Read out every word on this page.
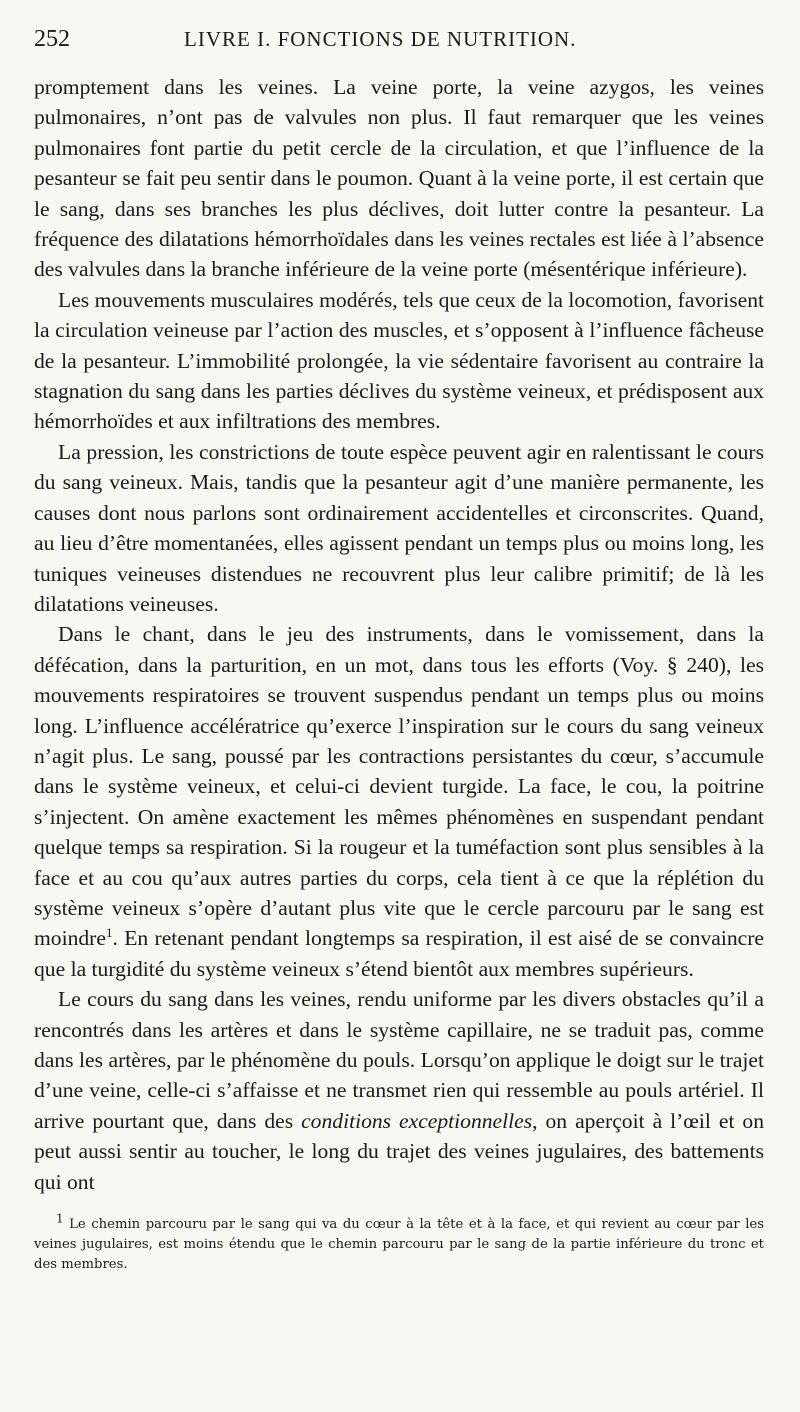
252	LIVRE I. FONCTIONS DE NUTRITION.

promptement dans les veines. La veine porte, la veine azygos, les veines pulmonaires, n’ont pas de valvules non plus. Il faut remarquer que les veines pulmonaires font partie du petit cercle de la circulation, et que l’influence de la pesanteur se fait peu sentir dans le poumon. Quant à la veine porte, il est certain que le sang, dans ses branches les plus déclives, doit lutter contre la pesanteur. La fréquence des dilatations hémorrhoïdales dans les veines rectales est liée à l’absence des valvules dans la branche inférieure de la veine porte (mésentérique inférieure).

Les mouvements musculaires modérés, tels que ceux de la locomotion, favorisent la circulation veineuse par l’action des muscles, et s’opposent à l’influence fâcheuse de la pesanteur. L’immobilité prolongée, la vie sédentaire favorisent au contraire la stagnation du sang dans les parties déclives du système veineux, et prédisposent aux hémorrhoïdes et aux infiltrations des membres.

La pression, les constrictions de toute espèce peuvent agir en ralentissant le cours du sang veineux. Mais, tandis que la pesanteur agit d’une manière permanente, les causes dont nous parlons sont ordinairement accidentelles et circonscrites. Quand, au lieu d’être momentanées, elles agissent pendant un temps plus ou moins long, les tuniques veineuses distendues ne recouvrent plus leur calibre primitif; de là les dilatations veineuses.

Dans le chant, dans le jeu des instruments, dans le vomissement, dans la défécation, dans la parturition, en un mot, dans tous les efforts (Voy. § 240), les mouvements respiratoires se trouvent suspendus pendant un temps plus ou moins long. L’influence accélératrice qu’exerce l’inspiration sur le cours du sang veineux n’agit plus. Le sang, poussé par les contractions persistantes du cœur, s’accumule dans le système veineux, et celui-ci devient turgide. La face, le cou, la poitrine s’injectent. On amène exactement les mêmes phénomènes en suspendant pendant quelque temps sa respiration. Si la rougeur et la tuméfaction sont plus sensibles à la face et au cou qu’aux autres parties du corps, cela tient à ce que la réplétion du système veineux s’opère d’autant plus vite que le cercle parcouru par le sang est moindre$^1$. En retenant pendant longtemps sa respiration, il est aisé de se convaincre que la turgidité du système veineux s’étend bientôt aux membres supérieurs.

Le cours du sang dans les veines, rendu uniforme par les divers obstacles qu’il a rencontrés dans les artères et dans le système capillaire, ne se traduit pas, comme dans les artères, par le phénomène du pouls. Lorsqu’on applique le doigt sur le trajet d’une veine, celle-ci s’affaisse et ne transmet rien qui ressemble au pouls artériel. Il arrive pourtant que, dans des conditions exceptionnelles, on aperçoit à l’œil et on peut aussi sentir au toucher, le long du trajet des veines jugulaires, des battements qui ont

1 Le chemin parcouru par le sang qui va du cœur à la tête et à la face, et qui revient au cœur par les veines jugulaires, est moins étendu que le chemin parcouru par le sang de la partie inférieure du tronc et des membres.
